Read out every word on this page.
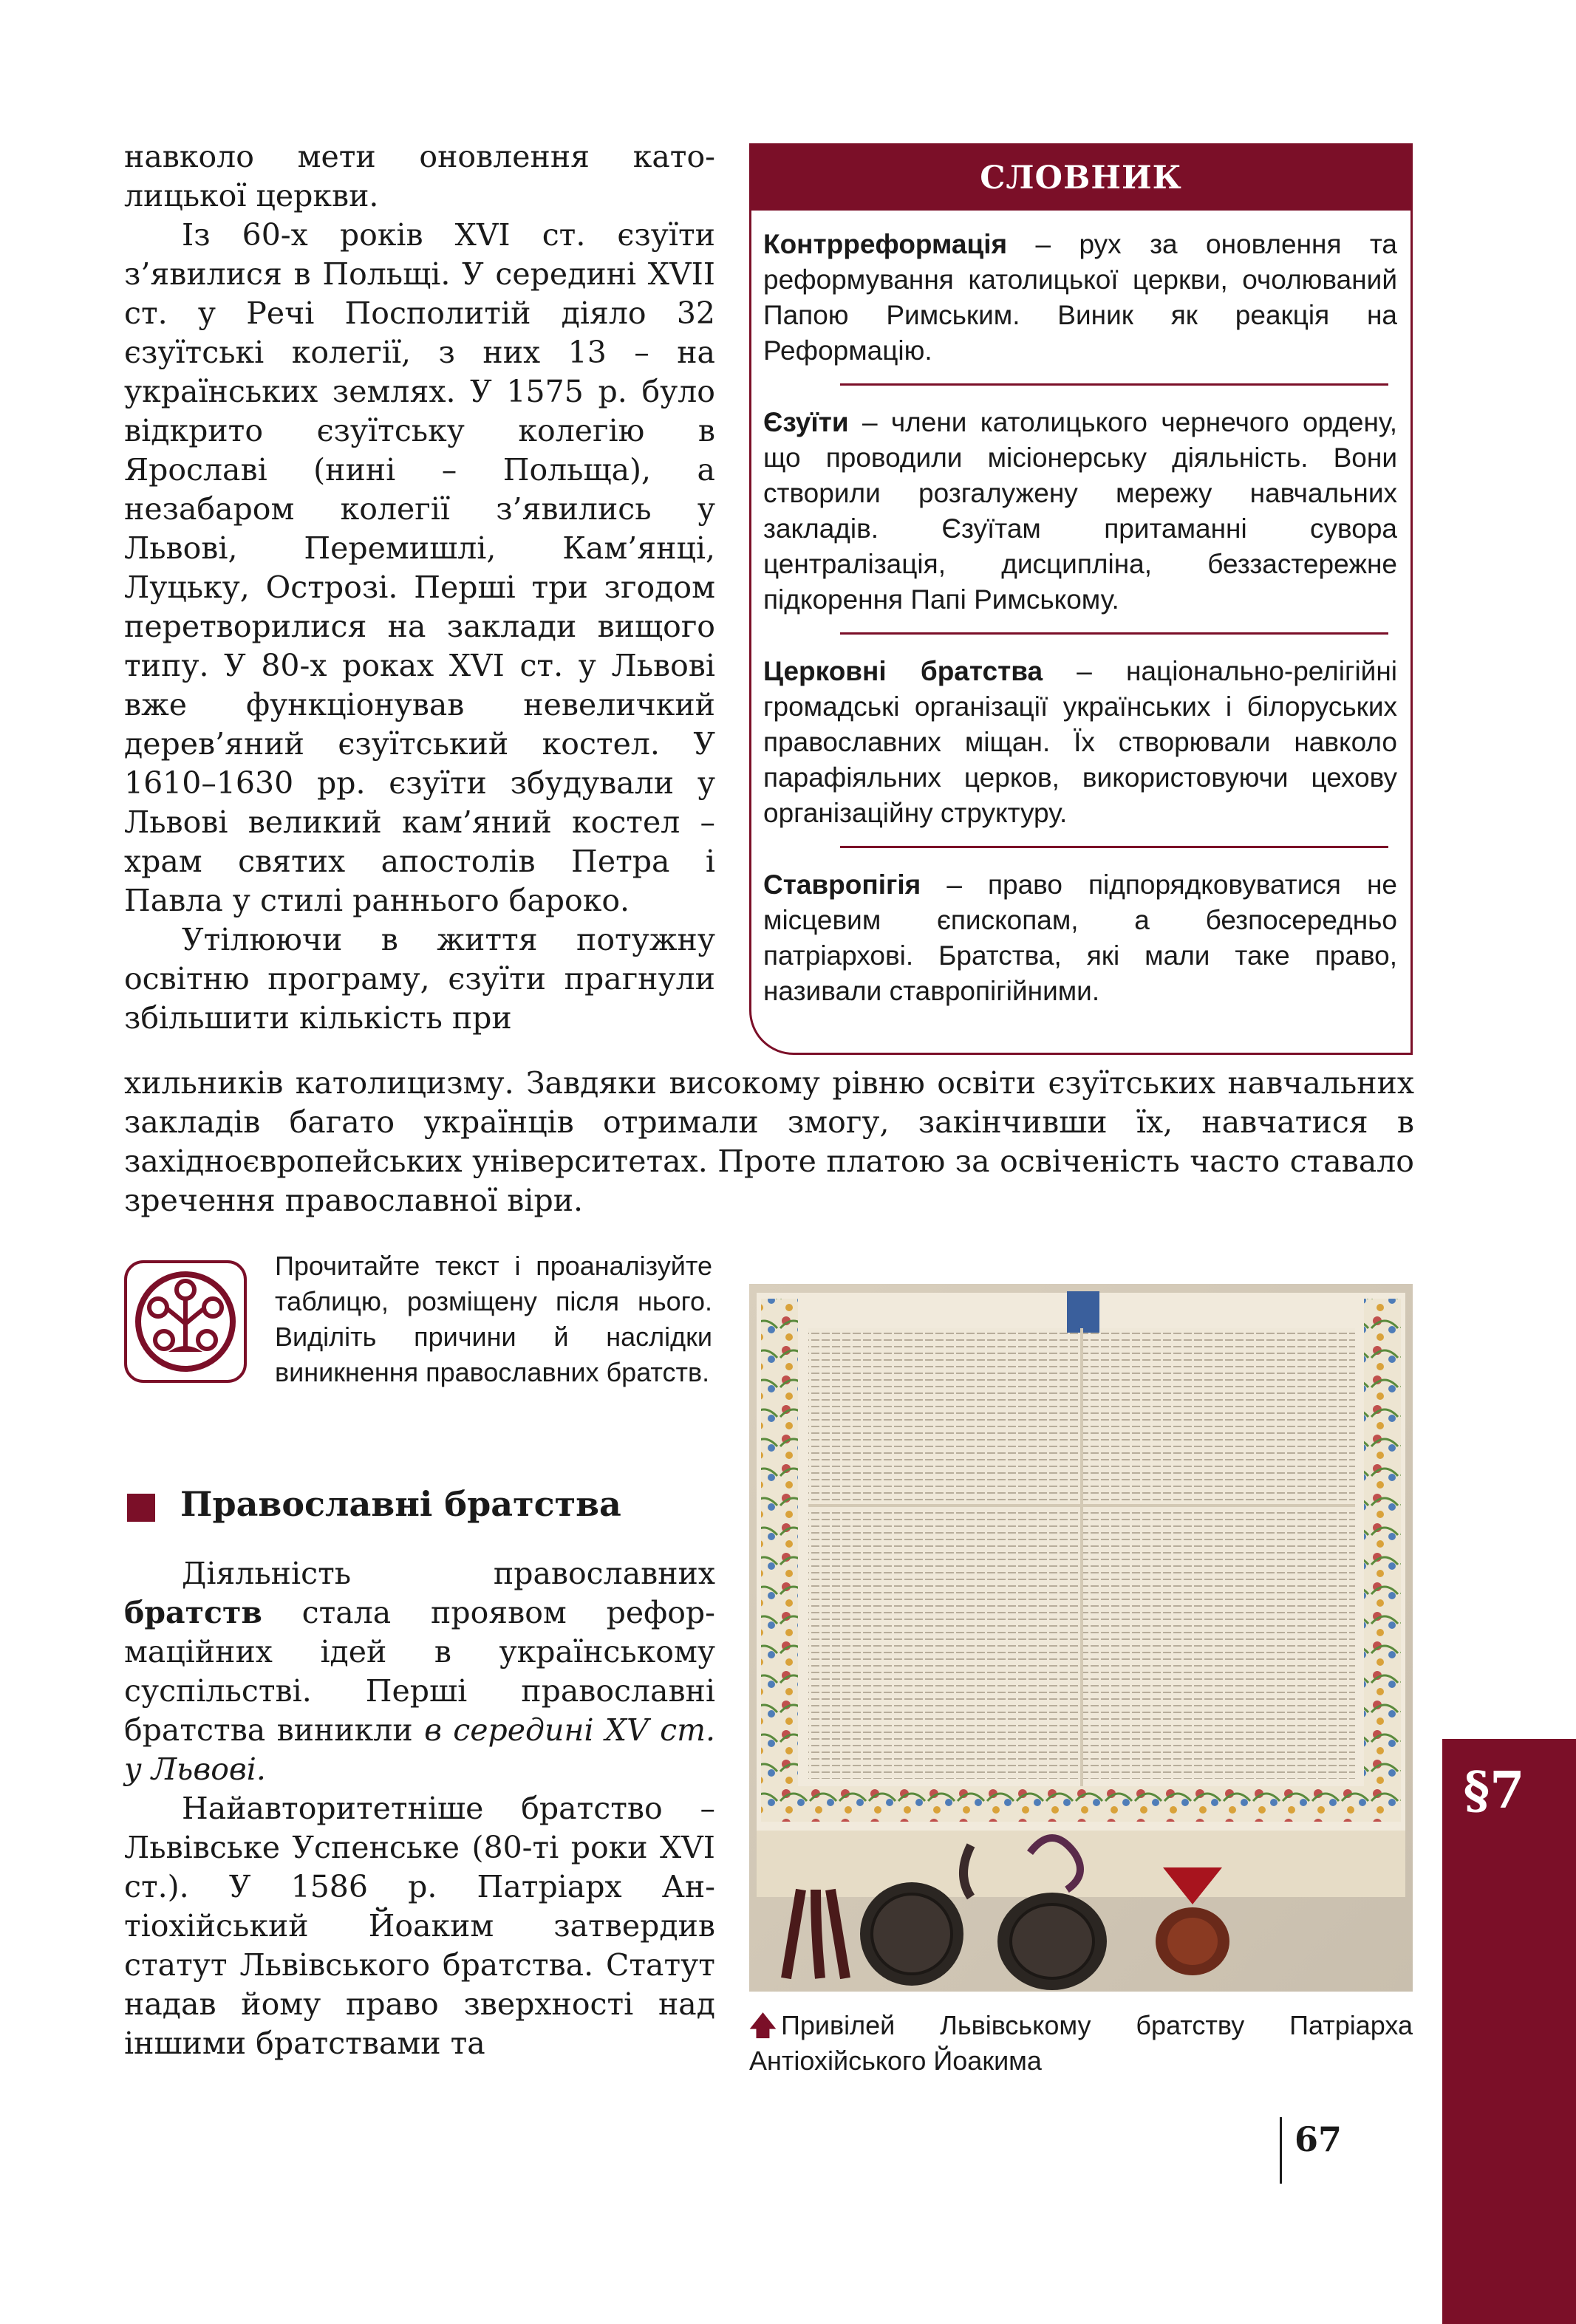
навколо мети оновлення католицької церкви.

Із 60-х років XVI ст. єзуїти з’явилися в Польщі. У середині XVII ст. у Речі Посполитій діяло 32 єзуїтські колегії, з них 13 – на українських землях. У 1575 р. було відкрито єзуїтську колегію в Ярославі (нині – Польща), а незабаром колегії з’явились у Львові, Перемишлі, Кам’янці, Луцьку, Острозі. Перші три згодом перетворилися на заклади вищого типу. У 80-х роках XVI ст. у Львові вже функціонував невеличкий дерев’яний єзуїтський костел. У 1610–1630 рр. єзуїти збудували у Львові великий кам’яний костел – храм святих апостолів Петра і Павла у стилі раннього бароко.

Утілюючи в життя потужну освітню програму, єзуїти прагнули збільшити кількість при

хильників католицизму. Завдяки високому рівню освіти єзуїтських навчальних закладів багато українців отримали змогу, закінчивши їх, навчатися в західноєвропейських університетах. Проте платою за освіченість часто ставало зречення православної віри.

СЛОВНИК
Контрреформація – рух за оновлення та реформування католицької церкви, очолюваний Папою Римським. Виник як реакція на Реформацію.
Єзуїти – члени католицького чернечого ордену, що проводили місіонерську діяльність. Вони створили розгалужену мережу навчальних закладів. Єзуїтам притаманні сувора централізація, дисципліна, беззастережне підкорення Папі Римському.
Церковні братства – національно-релігійні громадські організації українських і білоруських православних міщан. Їх створювали навколо парафіяльних церков, використовуючи цехову організаційну структуру.
Ставропігія – право підпорядковуватися не місцевим єпископам, а безпосередньо патріархові. Братства, які мали таке право, називали ставропігійними.
Прочитайте текст і проаналізуйте таблицю, розміщену після нього. Виділіть причини й наслідки виникнення православних братств.
Православні братства

Діяльність православних братств стала проявом реформаційних ідей в українському суспільстві. Перші православні братства виникли в середині XV ст. у Львові.

Найавторитетніше братство – Львівське Успенське (80-ті роки XVI ст.). У 1586 р. Патріарх Антіохійський Йоаким затвердив статут Львівського братства. Статут надав йому право зверхності над іншими братствами та

🡅 Привілей Львівському братству Патріарха Антіохійського Йоакима
67
§7
